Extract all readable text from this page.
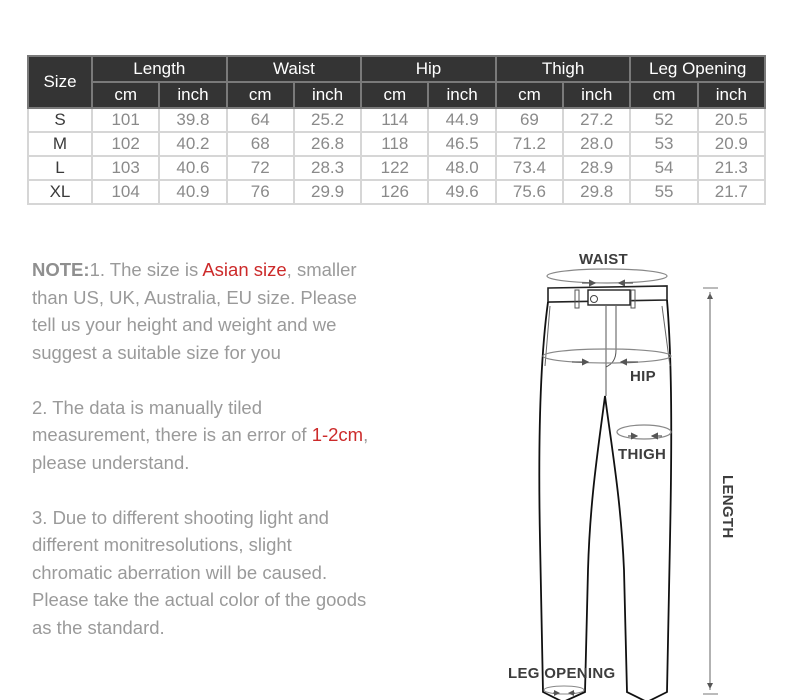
Size	Length		Waist		Hip		Thigh		Leg Opening	
	cm	inch	cm	inch	cm	inch	cm	inch	cm	inch
S	101	39.8	64	25.2	114	44.9	69	27.2	52	20.5
M	102	40.2	68	26.8	118	46.5	71.2	28.0	53	20.9
L	103	40.6	72	28.3	122	48.0	73.4	28.9	54	21.3
XL	104	40.9	76	29.9	126	49.6	75.6	29.8	55	21.7

NOTE:1. The size is Asian size, smaller than US, UK, Australia, EU size. Please tell us your height and weight and we suggest a suitable size for you

2. The data is manually tiled measurement, there is an error of 1-2cm, please understand.

3. Due to different shooting light and different monitresolutions, slight chromatic aberration will be caused. Please take the actual color of the goods as the standard.

WAIST
HIP
THIGH
LENGTH
LEG OPENING
